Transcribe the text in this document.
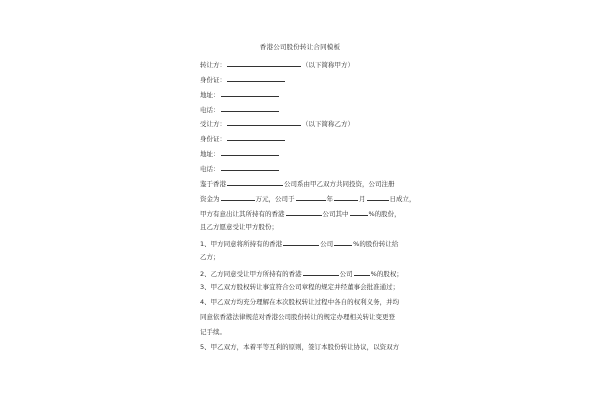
香港公司股份转让合同模板
转让方：	（以下简称甲方）
身份证：
地址：
电话：
受让方：	（以下简称乙方）
身份证：
地址：
电话：
鉴于香港	公司系由甲乙双方共同投资，公司注册
资金为	万元，公司于	年	月	日成立，
甲方有意出让其所持有的香港	公司其中	%的股份，
且乙方愿意受让甲方股份；
1、甲方同意将所持有的香港	公司	%的股份转让给
乙方；
2、乙方同意受让甲方所持有的香港	公司	%的股权；
3、甲乙双方股权转让事宜符合公司章程的规定并经董事会批准通过；
4、甲乙双方均充分理解在本次股权转让过程中各自的权利义务，并均
同意依香港法律规范对香港公司股份转让的规定办理相关转让变更登
记手续。
5、甲乙双方，本着平等互利的原则，签订本股份转让协议，以资双方
